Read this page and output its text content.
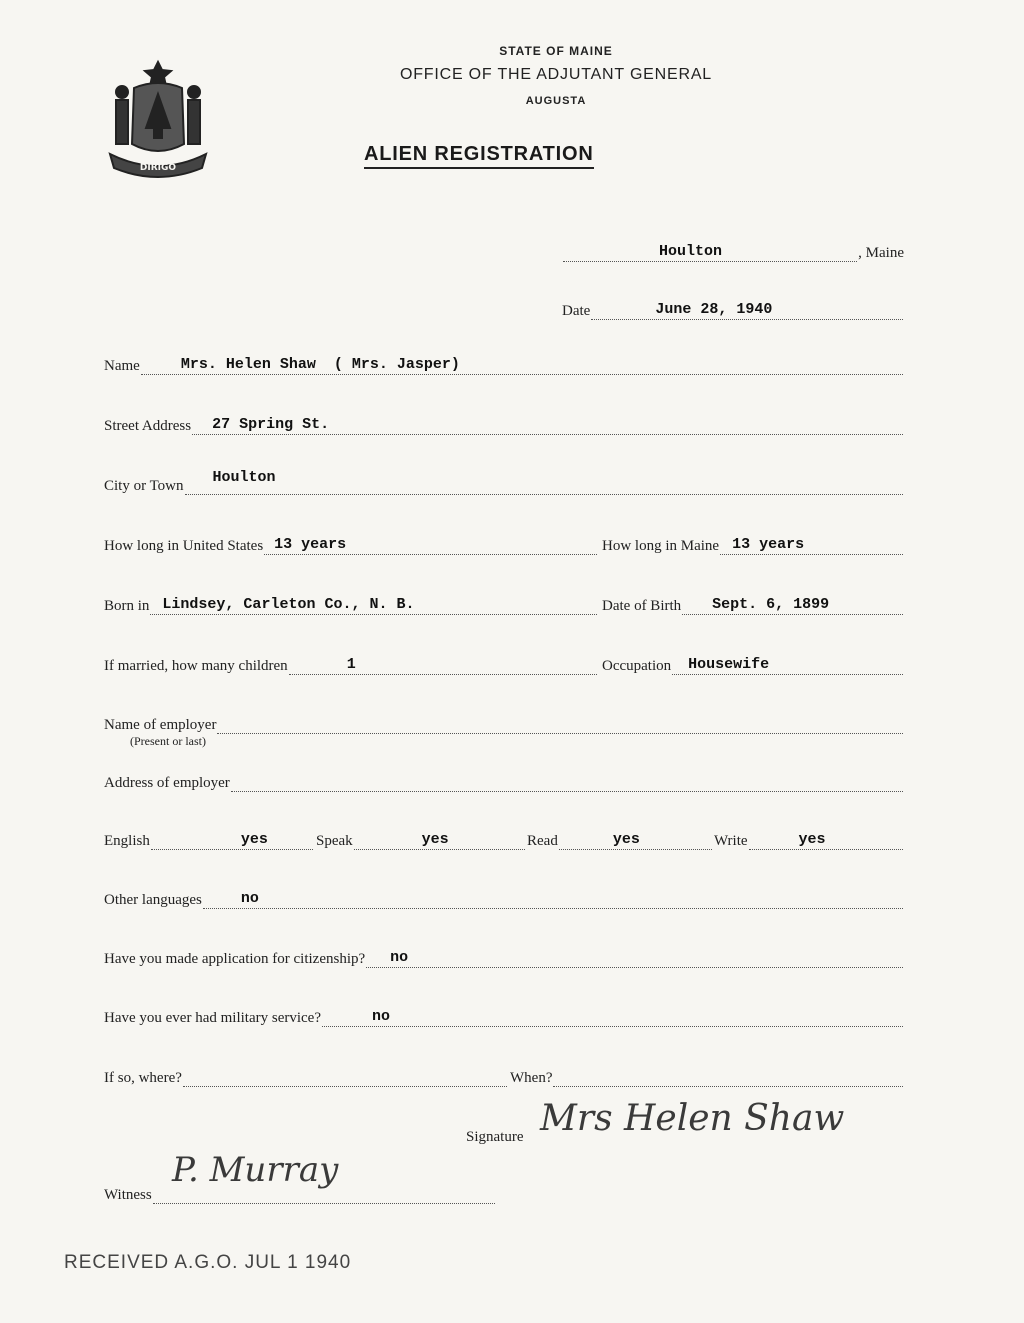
DIRIGO
STATE OF MAINE
OFFICE OF THE ADJUTANT GENERAL
AUGUSTA
ALIEN REGISTRATION
Houlton	, Maine
Date	June 28, 1940
Name	Mrs. Helen Shaw  ( Mrs. Jasper)
Street Address 27 Spring St.
City or Town Houlton
How long in United States 13 years	How long in Maine 13 years
Born in Lindsey, Carleton Co., N. B.	Date of Birth Sept. 6, 1899
If married, how many children	1	Occupation Housewife
Name of employer
(Present or last)
Address of employer
English	yes	Speak	yes	Read	yes	Write	yes
Other languages	no
Have you made application for citizenship? no
Have you ever had military service?	no
If so, where?	When?
Signature Mrs Helen Shaw
Witness
P. Murray
RECEIVED A.G.O. JUL 1 1940
